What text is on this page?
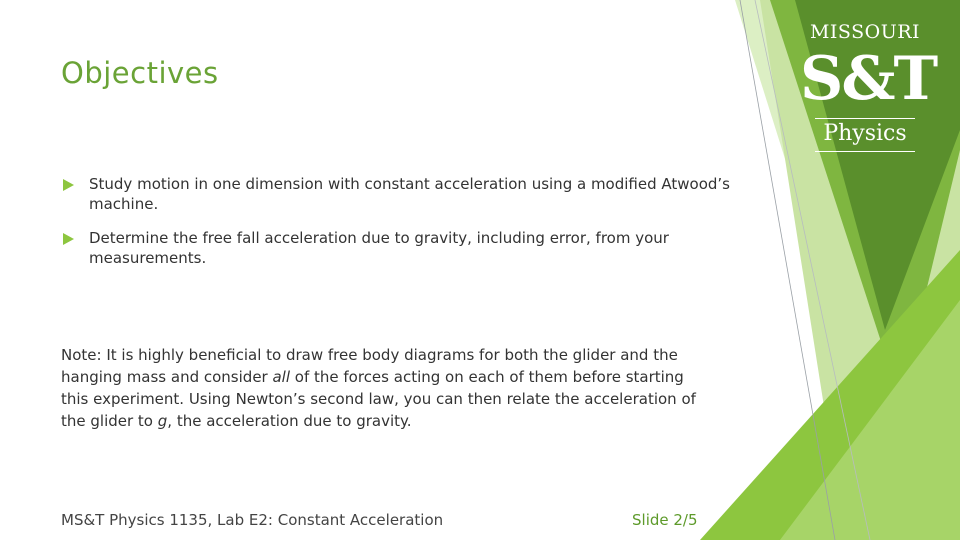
MISSOURI
S&T
Physics
Objectives
Study motion in one dimension with constant acceleration using a modified Atwood’s machine.
Determine the free fall acceleration due to gravity, including error, from your measurements.

Note: It is highly beneficial to draw free body diagrams for both the glider and the hanging mass and consider all of the forces acting on each of them before starting this experiment. Using Newton’s second law, you can then relate the acceleration of the glider to g, the acceleration due to gravity.

MS&T Physics 1135, Lab E2: Constant Acceleration	Slide 2/5
